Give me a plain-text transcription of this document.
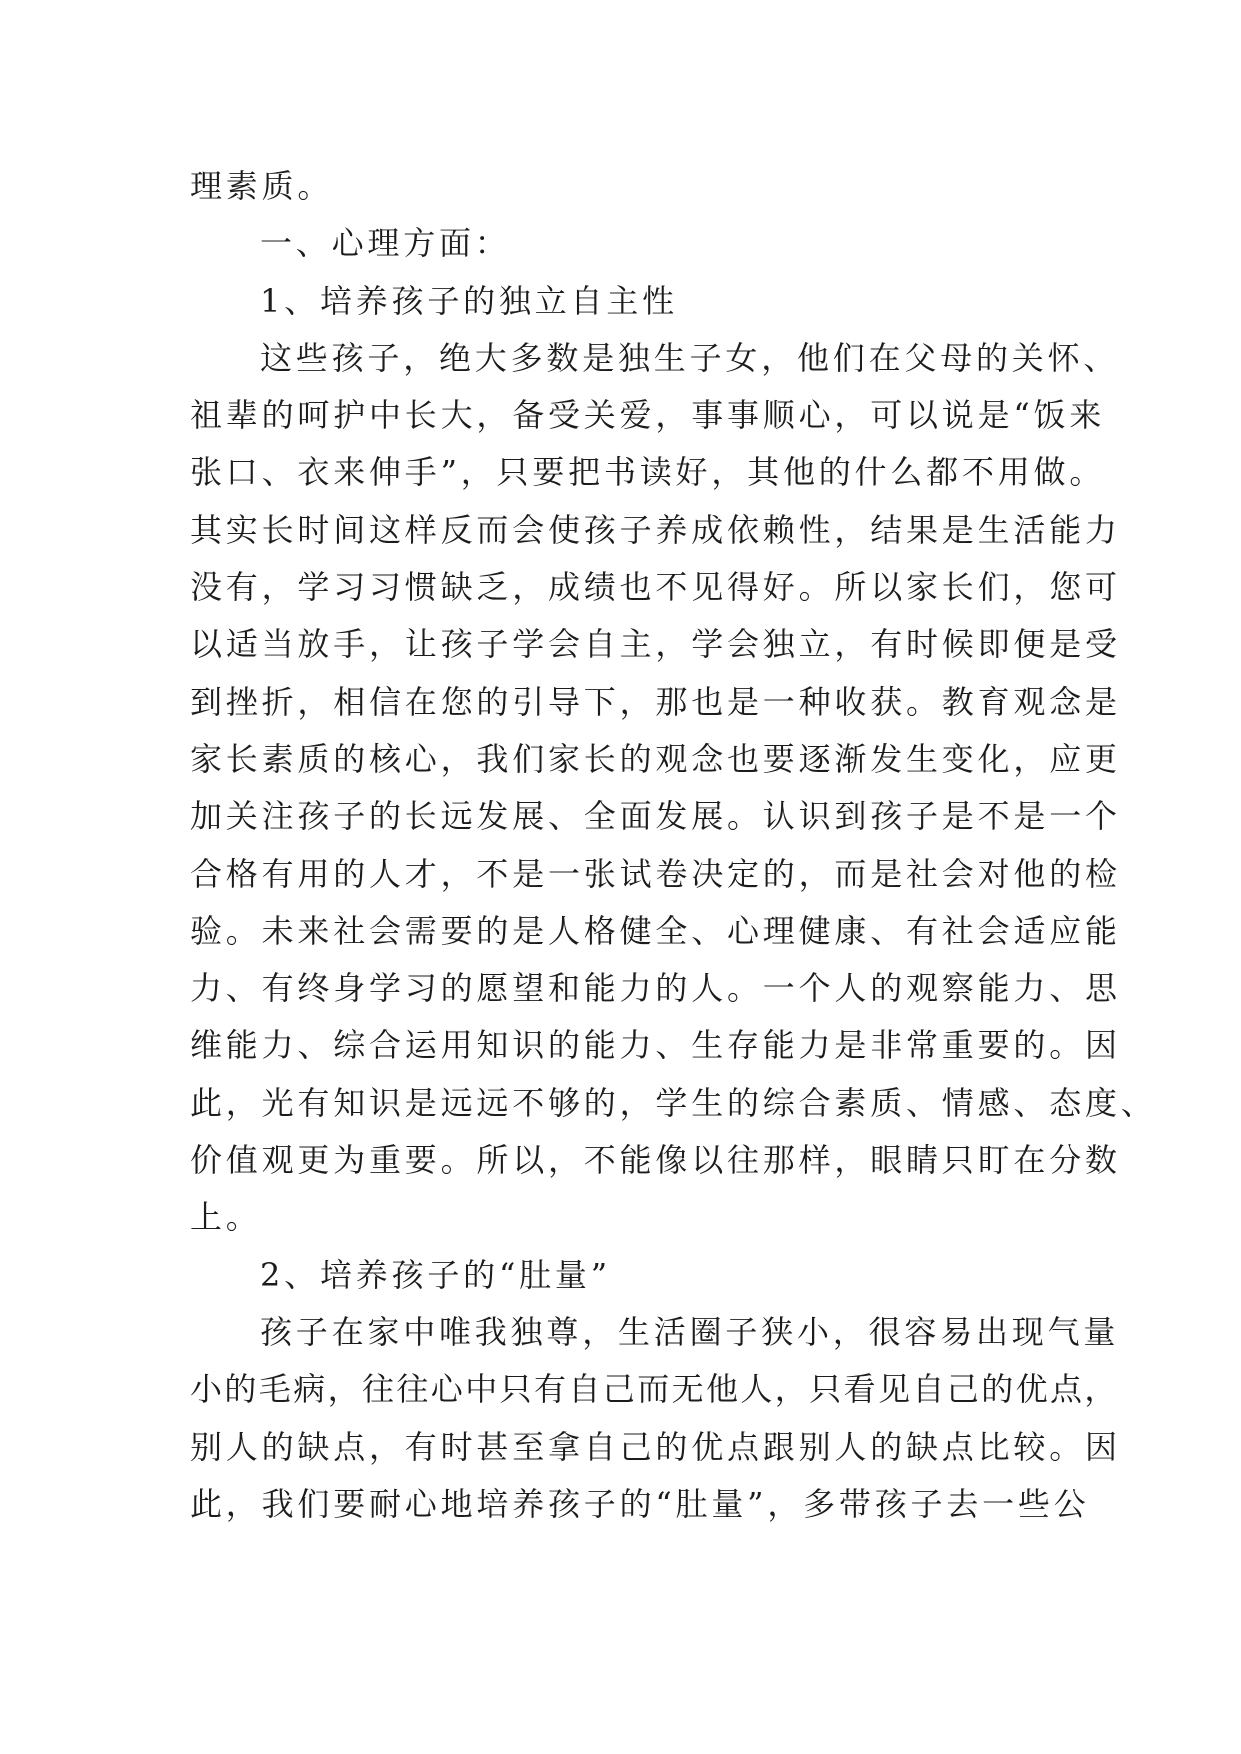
理素质。
一、心理方面：
1、培养孩子的独立自主性
这些孩子，绝大多数是独生子女，他们在父母的关怀、
祖辈的呵护中长大，备受关爱，事事顺心，可以说是“饭来
张口、衣来伸手”，只要把书读好，其他的什么都不用做。
其实长时间这样反而会使孩子养成依赖性，结果是生活能力
没有，学习习惯缺乏，成绩也不见得好。所以家长们，您可
以适当放手，让孩子学会自主，学会独立，有时候即便是受
到挫折，相信在您的引导下，那也是一种收获。教育观念是
家长素质的核心，我们家长的观念也要逐渐发生变化，应更
加关注孩子的长远发展、全面发展。认识到孩子是不是一个
合格有用的人才，不是一张试卷决定的，而是社会对他的检
验。未来社会需要的是人格健全、心理健康、有社会适应能
力、有终身学习的愿望和能力的人。一个人的观察能力、思
维能力、综合运用知识的能力、生存能力是非常重要的。因
此，光有知识是远远不够的，学生的综合素质、情感、态度、
价值观更为重要。所以，不能像以往那样，眼睛只盯在分数
上。
2、培养孩子的“肚量”
孩子在家中唯我独尊，生活圈子狭小，很容易出现气量
小的毛病，往往心中只有自己而无他人，只看见自己的优点，
别人的缺点，有时甚至拿自己的优点跟别人的缺点比较。因
此，我们要耐心地培养孩子的“肚量”，多带孩子去一些公
